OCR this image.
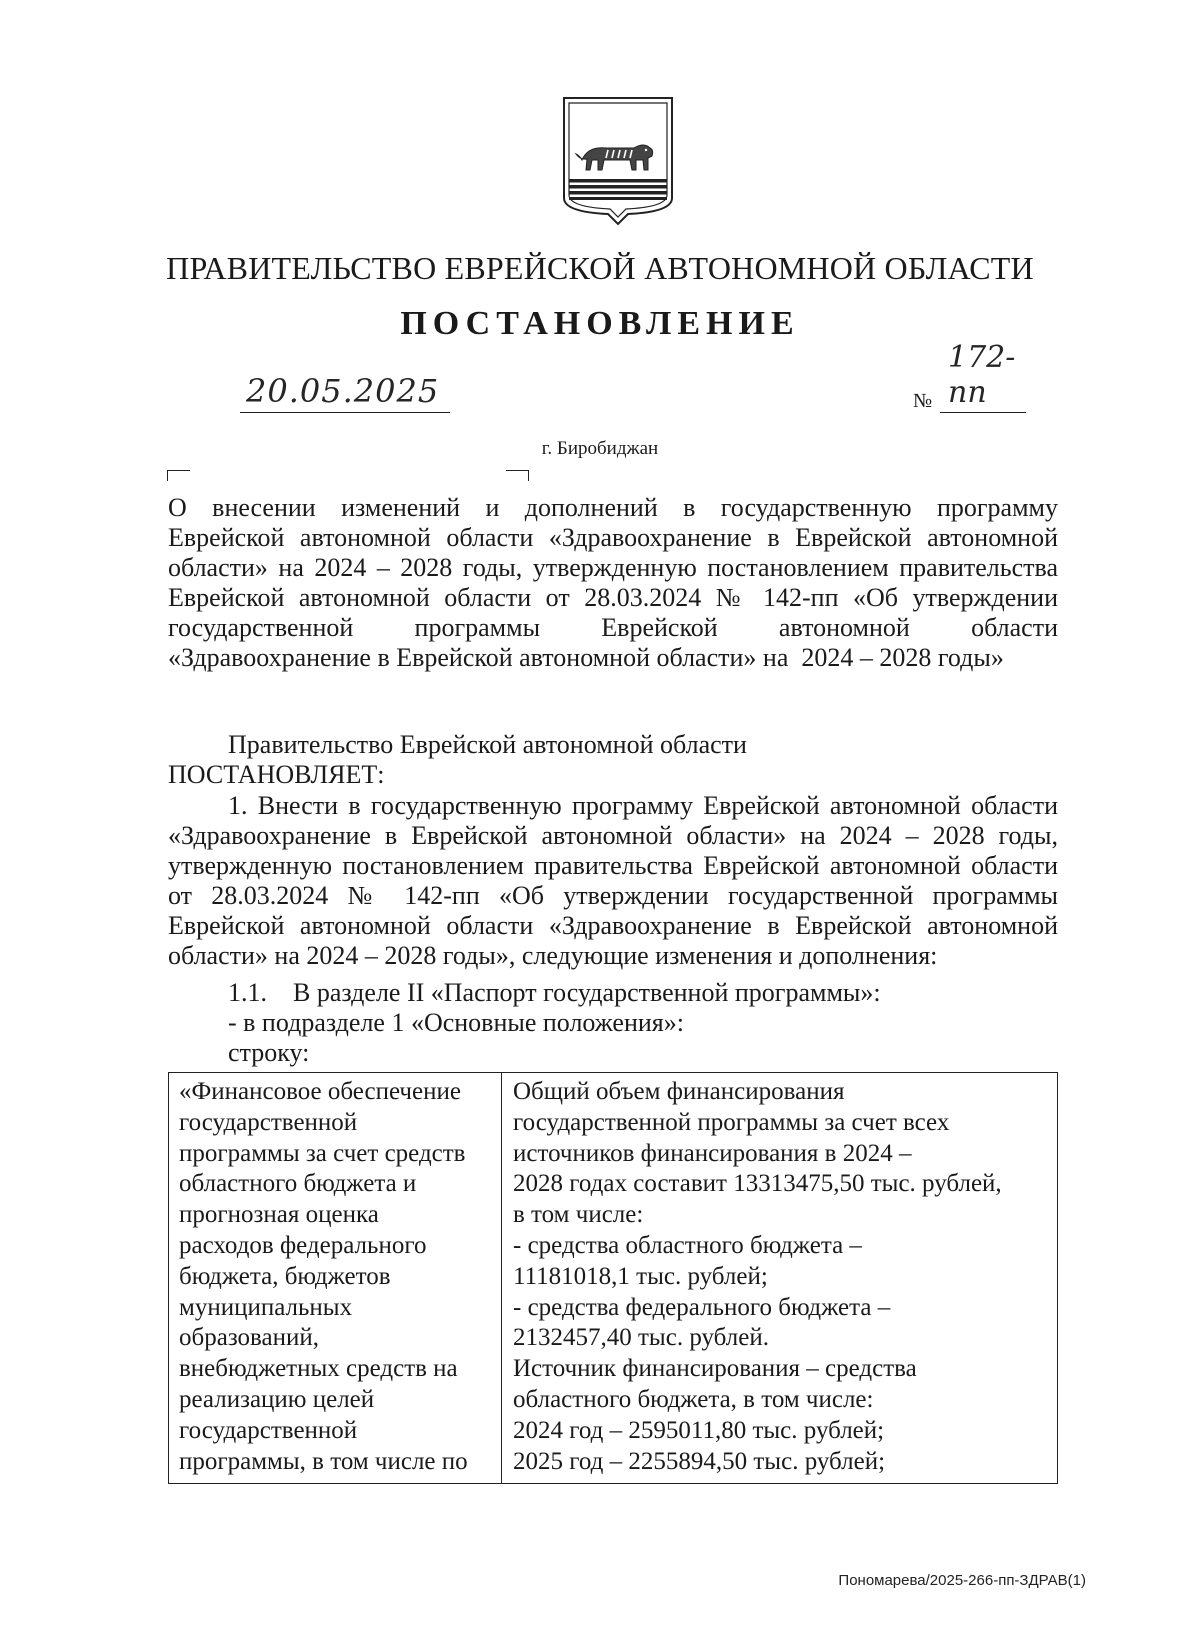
ПРАВИТЕЛЬСТВО ЕВРЕЙСКОЙ АВТОНОМНОЙ ОБЛАСТИ
ПОСТАНОВЛЕНИЕ
20.05.2025	№
172-пп
г. Биробиджан
О внесении изменений и дополнений в государственную программу
Еврейской автономной области «Здравоохранение в Еврейской автономной
области» на 2024 – 2028 годы, утвержденную постановлением правительства
Еврейской автономной области от 28.03.2024 № 142-пп «Об утверждении
государственной программы Еврейской автономной области
«Здравоохранение в Еврейской автономной области» на  2024 – 2028 годы»
Правительство Еврейской автономной области
ПОСТАНОВЛЯЕТ:
1. Внести в государственную программу Еврейской автономной области
«Здравоохранение в Еврейской автономной области» на 2024 – 2028 годы,
утвержденную постановлением правительства Еврейской автономной области
от 28.03.2024 № 142-пп «Об утверждении государственной программы
Еврейской автономной области «Здравоохранение в Еврейской автономной
области» на 2024 – 2028 годы», следующие изменения и дополнения:
1.1.    В разделе II «Паспорт государственной программы»:
- в подразделе 1 «Основные положения»:
строку:
«Финансовое обеспечение
государственной
программы за счет средств
областного бюджета и
прогнозная оценка
расходов федерального
бюджета, бюджетов
муниципальных
образований,
внебюджетных средств на
реализацию целей
государственной
программы, в том числе по
Общий объем финансирования
государственной программы за счет всех
источников финансирования в 2024 –
2028 годах составит 13313475,50 тыс. рублей,
в том числе:
- средства областного бюджета –
11181018,1 тыс. рублей;
- средства федерального бюджета –
2132457,40 тыс. рублей.
Источник финансирования – средства
областного бюджета, в том числе:
2024 год – 2595011,80 тыс. рублей;
2025 год – 2255894,50 тыс. рублей;
Пономарева/2025-266-пп-ЗДРАВ(1)
